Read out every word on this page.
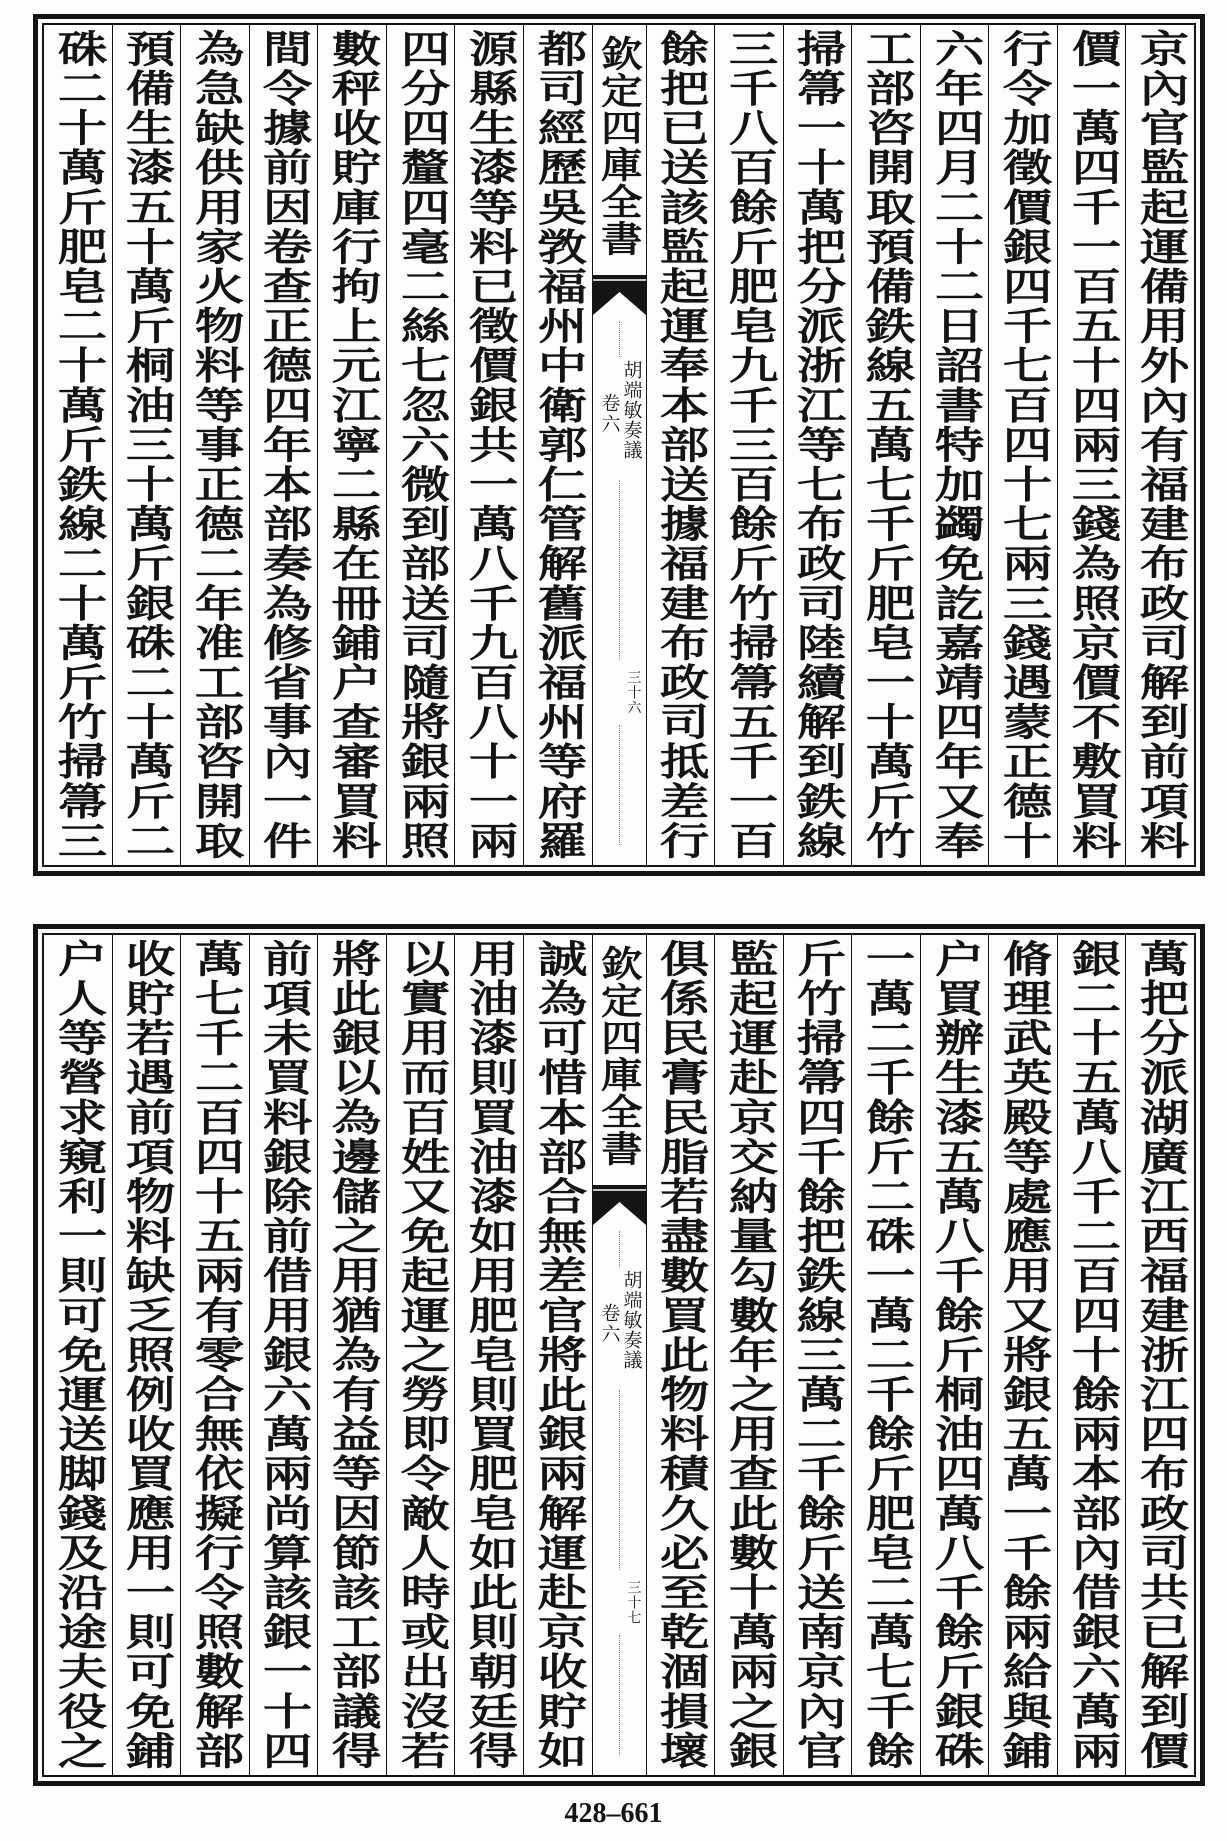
京內官監起運備用外內有福建布政司解到前項料
價一萬四千一百五十四兩三錢為照京價不敷買料
行令加徵價銀四千七百四十七兩三錢遇蒙正德十
六年四月二十二日詔書特加蠲免訖嘉靖四年又奉
工部咨開取預備鉄線五萬七千斤肥皂一十萬斤竹
掃箒一十萬把分派浙江等七布政司陸續解到鉄線
三千八百餘斤肥皂九千三百餘斤竹掃箒五千一百
餘把已送該監起運奉本部送據福建布政司抵差行
欽定四庫全書
胡端敏奏議
卷六
三十六
都司經歷吳敩福州中衛郭仁管解舊派福州等府羅
源縣生漆等料已徵價銀共一萬八千九百八十一兩
四分四釐四毫二絲七忽六微到部送司隨將銀兩照
數秤收貯庫行拘上元江寧二縣在冊鋪户查審買料
間令據前因卷查正德四年本部奏為修省事內一件
為急缺供用家火物料等事正德二年准工部咨開取
預備生漆五十萬斤桐油三十萬斤銀硃二十萬斤二
硃二十萬斤肥皂二十萬斤鉄線二十萬斤竹掃箒三
萬把分派湖廣江西福建浙江四布政司共已解到價
銀二十五萬八千二百四十餘兩本部內借銀六萬兩
脩理武英殿等處應用又將銀五萬一千餘兩給與鋪
户買辦生漆五萬八千餘斤桐油四萬八千餘斤銀硃
一萬二千餘斤二硃一萬二千餘斤肥皂二萬七千餘
斤竹掃箒四千餘把鉄線三萬二千餘斤送南京內官
監起運赴京交納量勾數年之用查此數十萬兩之銀
俱係民膏民脂若盡數買此物料積久必至乾涸損壞
欽定四庫全書
胡端敏奏議
卷六
三十七
誠為可惜本部合無差官將此銀兩解運赴京收貯如
用油漆則買油漆如用肥皂則買肥皂如此則朝廷得
以實用而百姓又免起運之勞即令敵人時或出沒若
將此銀以為邊儲之用猶為有益等因節該工部議得
前項未買料銀除前借用銀六萬兩尚算該銀一十四
萬七千二百四十五兩有零合無依擬行令照數解部
收貯若遇前項物料缺乏照例收買應用一則可免鋪
户人等營求窺利一則可免運送脚錢及沿途夫役之
428–661
